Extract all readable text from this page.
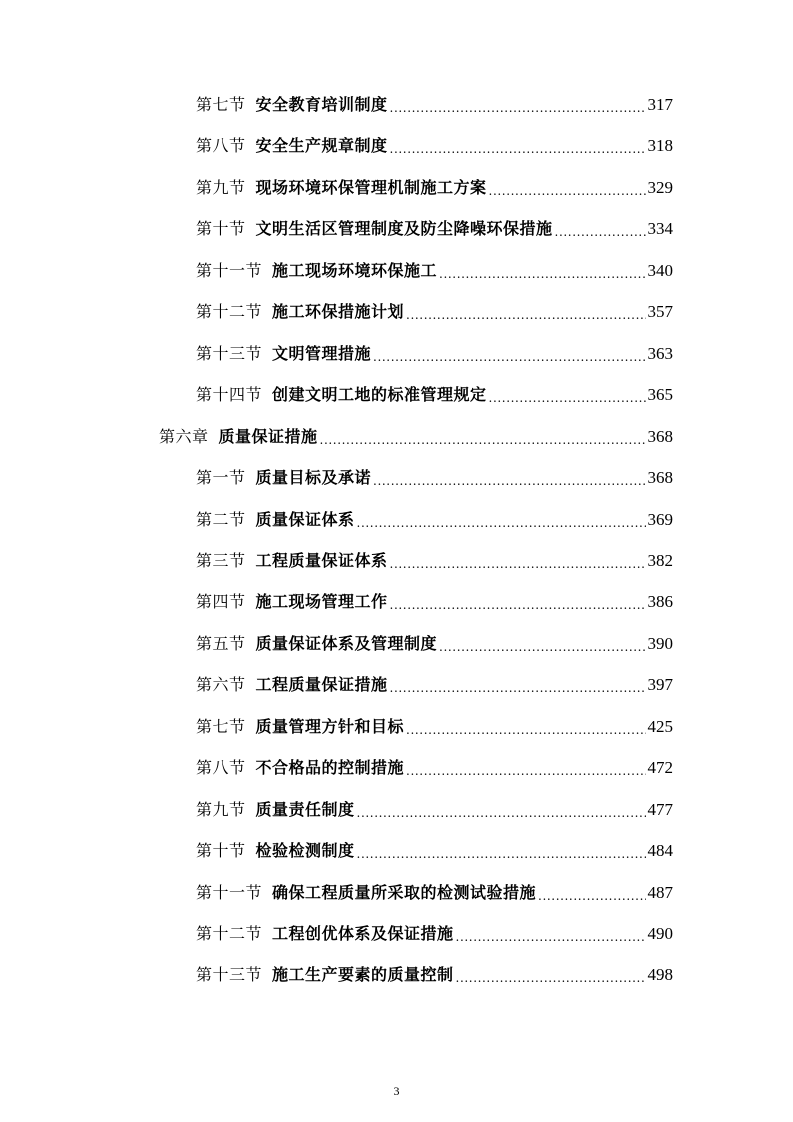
第七节 安全教育培训制度 .....	317
第八节 安全生产规章制度 .....	318
第九节 现场环境环保管理机制施工方案 .....	329
第十节 文明生活区管理制度及防尘降噪环保措施 .....	334
第十一节 施工现场环境环保施工 .....	340
第十二节 施工环保措施计划 .....	357
第十三节 文明管理措施 .....	363
第十四节 创建文明工地的标准管理规定 .....	365
第六章 质量保证措施 .....	368
第一节 质量目标及承诺 .....	368
第二节 质量保证体系 .....	369
第三节 工程质量保证体系 .....	382
第四节 施工现场管理工作 .....	386
第五节 质量保证体系及管理制度 .....	390
第六节 工程质量保证措施 .....	397
第七节 质量管理方针和目标 .....	425
第八节 不合格品的控制措施 .....	472
第九节 质量责任制度 .....	477
第十节 检验检测制度 .....	484
第十一节 确保工程质量所采取的检测试验措施 .....	487
第十二节 工程创优体系及保证措施 .....	490
第十三节 施工生产要素的质量控制 .....	498
3
